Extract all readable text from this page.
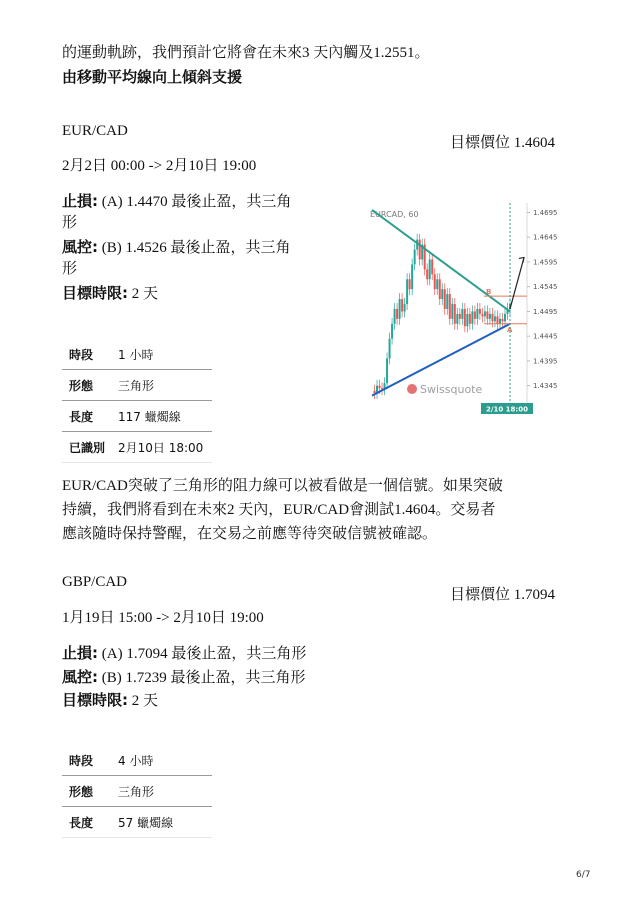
的運動軌跡，我們預計它將會在未來3 天內觸及1.2551。
由移動平均線向上傾斜支援
EUR/CAD
目標價位 1.4604
2月2日 00:00 -> 2月10日 19:00
止損: (A) 1.4470 最後止盈，共三角
形
風控: (B) 1.4526 最後止盈，共三角
形
目標時限: 2 天
時段	1 小時
形態	三角形
長度	117 蠟燭線
已識別	2月10日 18:00
EURCAD, 60	1.4695
1.4645
1.4595
1.4545
1.4495
1.4445
1.4395
1.4345
B
A
Swissquote
2/10 18:00
EUR/CAD突破了三角形的阻力線可以被看做是一個信號。如果突破
持續，我們將看到在未來2 天內，EUR/CAD會測試1.4604。交易者
應該隨時保持警醒，在交易之前應等待突破信號被確認。
GBP/CAD
目標價位 1.7094
1月19日 15:00 -> 2月10日 19:00
止損: (A) 1.7094 最後止盈，共三角形
風控: (B) 1.7239 最後止盈，共三角形
目標時限: 2 天
時段	4 小時
形態	三角形
長度	57 蠟燭線
6/7
